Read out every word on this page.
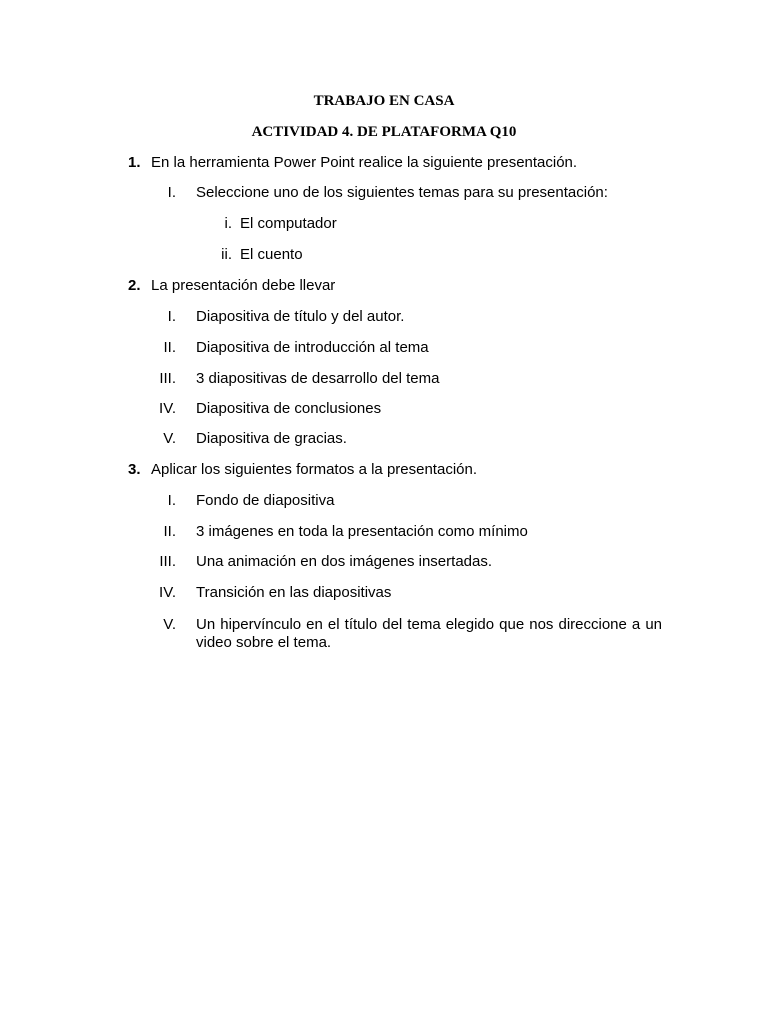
TRABAJO EN CASA
ACTIVIDAD 4. DE PLATAFORMA Q10
1. En la herramienta Power Point realice la siguiente presentación.
I. Seleccione uno de los siguientes temas para su presentación:
i. El computador
ii. El cuento
2. La presentación debe llevar
I. Diapositiva de título y del autor.
II. Diapositiva de introducción al tema
III. 3 diapositivas de desarrollo del tema
IV. Diapositiva de conclusiones
V. Diapositiva de gracias.
3. Aplicar los siguientes formatos a la presentación.
I. Fondo de diapositiva
II. 3 imágenes en toda la presentación como mínimo
III. Una animación en dos imágenes insertadas.
IV. Transición en las diapositivas
V. Un hipervínculo en el título del tema elegido que nos direccione a un video sobre el tema.
